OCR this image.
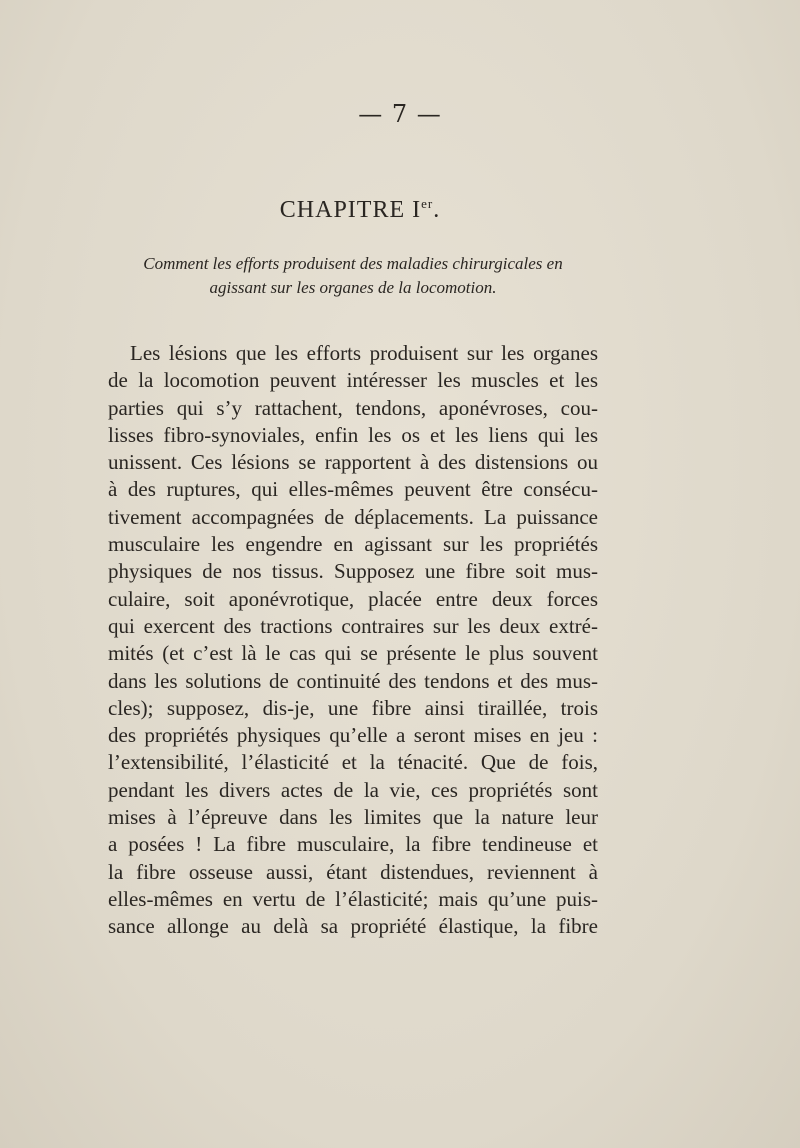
— 7 —
CHAPITRE Ier.
Comment les efforts produisent des maladies chirurgicales en
agissant sur les organes de la locomotion.
Les lésions que les efforts produisent sur les organes
de la locomotion peuvent intéresser les muscles et les
parties qui s’y rattachent, tendons, aponévroses, cou-
lisses fibro-synoviales, enfin les os et les liens qui les
unissent. Ces lésions se rapportent à des distensions ou
à des ruptures, qui elles-mêmes peuvent être consécu-
tivement accompagnées de déplacements. La puissance
musculaire les engendre en agissant sur les propriétés
physiques de nos tissus. Supposez une fibre soit mus-
culaire, soit aponévrotique, placée entre deux forces
qui exercent des tractions contraires sur les deux extré-
mités (et c’est là le cas qui se présente le plus souvent
dans les solutions de continuité des tendons et des mus-
cles); supposez, dis-je, une fibre ainsi tiraillée, trois
des propriétés physiques qu’elle a seront mises en jeu :
l’extensibilité, l’élasticité et la ténacité. Que de fois,
pendant les divers actes de la vie, ces propriétés sont
mises à l’épreuve dans les limites que la nature leur
a posées ! La fibre musculaire, la fibre tendineuse et
la fibre osseuse aussi, étant distendues, reviennent à
elles-mêmes en vertu de l’élasticité; mais qu’une puis-
sance allonge au delà sa propriété élastique, la fibre
